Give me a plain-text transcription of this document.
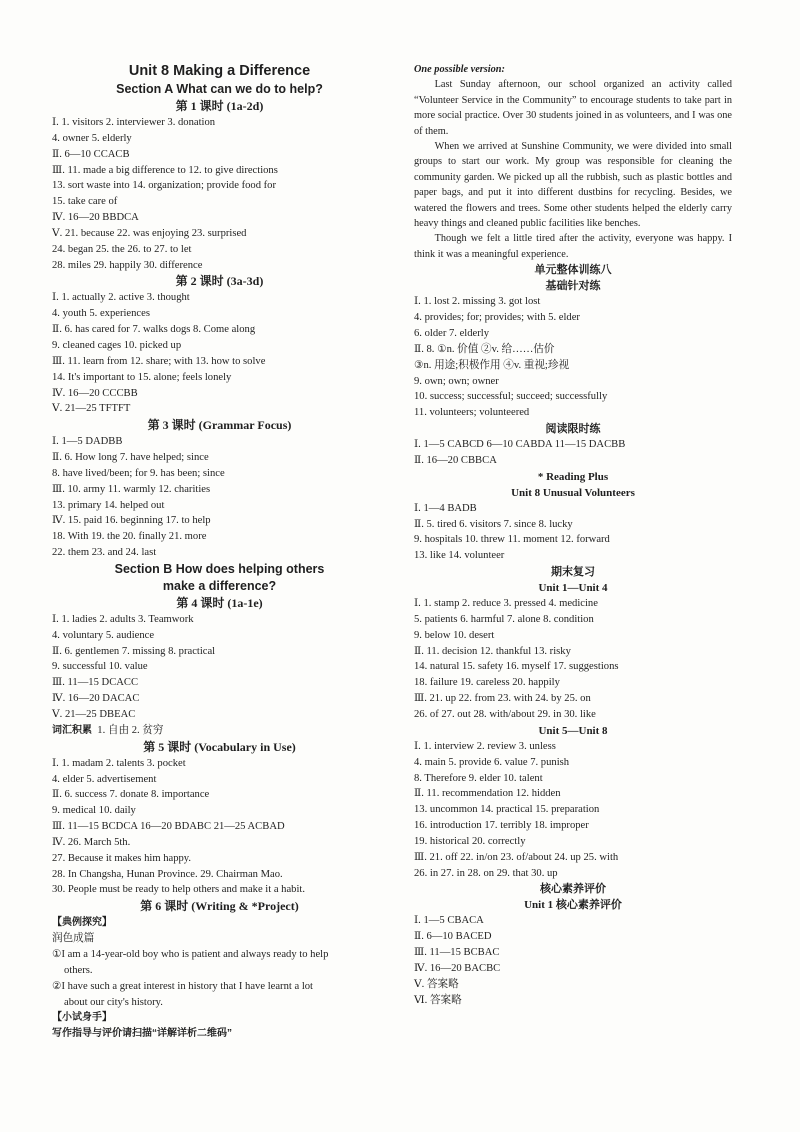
Unit 8 Making a Difference
Section A What can we do to help?
第 1 课时 (1a-2d)
Ⅰ. 1. visitors 2. interviewer 3. donation
4. owner 5. elderly
Ⅱ. 6—10 CCACB
Ⅲ. 11. made a big difference to 12. to give directions
13. sort waste into 14. organization; provide food for
15. take care of
Ⅳ. 16—20 BBDCA
Ⅴ. 21. because 22. was enjoying 23. surprised
24. began 25. the 26. to 27. to let
28. miles 29. happily 30. difference
第 2 课时 (3a-3d)
Ⅰ. 1. actually 2. active 3. thought
4. youth 5. experiences
Ⅱ. 6. has cared for 7. walks dogs 8. Come along
9. cleaned cages 10. picked up
Ⅲ. 11. learn from 12. share; with 13. how to solve
14. It's important to 15. alone; feels lonely
Ⅳ. 16—20 CCCBB
Ⅴ. 21—25 TFTFT
第 3 课时 (Grammar Focus)
Ⅰ. 1—5 DADBB
Ⅱ. 6. How long 7. have helped; since
8. have lived/been; for 9. has been; since
Ⅲ. 10. army 11. warmly 12. charities
13. primary 14. helped out
Ⅳ. 15. paid 16. beginning 17. to help
18. With 19. the 20. finally 21. more
22. them 23. and 24. last
Section B How does helping others
make a difference?
第 4 课时 (1a-1e)
Ⅰ. 1. ladies 2. adults 3. Teamwork
4. voluntary 5. audience
Ⅱ. 6. gentlemen 7. missing 8. practical
9. successful 10. value
Ⅲ. 11—15 DCACC
Ⅳ. 16—20 DACAC
Ⅴ. 21—25 DBEAC
词汇积累 1. 自由 2. 贫穷
第 5 课时 (Vocabulary in Use)
Ⅰ. 1. madam 2. talents 3. pocket
4. elder 5. advertisement
Ⅱ. 6. success 7. donate 8. importance
9. medical 10. daily
Ⅲ. 11—15 BCDCA 16—20 BDABC 21—25 ACBAD
Ⅳ. 26. March 5th.
27. Because it makes him happy.
28. In Changsha, Hunan Province. 29. Chairman Mao.
30. People must be ready to help others and make it a habit.
第 6 课时 (Writing & *Project)
【典例探究】
润色成篇
①I am a 14-year-old boy who is patient and always ready to help
others.
②I have such a great interest in history that I have learnt a lot
about our city's history.
【小试身手】
写作指导与评价请扫描“详解详析二维码”
One possible version:
Last Sunday afternoon, our school organized an activity called “Volunteer Service in the Community” to encourage students to take part in more social practice. Over 30 students joined in as volunteers, and I was one of them.
When we arrived at Sunshine Community, we were divided into small groups to start our work. My group was responsible for cleaning the community garden. We picked up all the rubbish, such as plastic bottles and paper bags, and put it into different dustbins for recycling. Besides, we watered the flowers and trees. Some other students helped the elderly carry heavy things and cleaned public facilities like benches.
Though we felt a little tired after the activity, everyone was happy. I think it was a meaningful experience.
单元整体训练八
基础针对练
Ⅰ. 1. lost 2. missing 3. got lost
4. provides; for; provides; with 5. elder
6. older 7. elderly
Ⅱ. 8. ①n. 价值 ②v. 给……估价
③n. 用途;积极作用 ④v. 重视;珍视
9. own; own; owner
10. success; successful; succeed; successfully
11. volunteers; volunteered
阅读限时练
Ⅰ. 1—5 CABCD 6—10 CABDA 11—15 DACBB
Ⅱ. 16—20 CBBCA
* Reading Plus
Unit 8 Unusual Volunteers
Ⅰ. 1—4 BADB
Ⅱ. 5. tired 6. visitors 7. since 8. lucky
9. hospitals 10. threw 11. moment 12. forward
13. like 14. volunteer
期末复习
Unit 1—Unit 4
Ⅰ. 1. stamp 2. reduce 3. pressed 4. medicine
5. patients 6. harmful 7. alone 8. condition
9. below 10. desert
Ⅱ. 11. decision 12. thankful 13. risky
14. natural 15. safety 16. myself 17. suggestions
18. failure 19. careless 20. happily
Ⅲ. 21. up 22. from 23. with 24. by 25. on
26. of 27. out 28. with/about 29. in 30. like
Unit 5—Unit 8
Ⅰ. 1. interview 2. review 3. unless
4. main 5. provide 6. value 7. punish
8. Therefore 9. elder 10. talent
Ⅱ. 11. recommendation 12. hidden
13. uncommon 14. practical 15. preparation
16. introduction 17. terribly 18. improper
19. historical 20. correctly
Ⅲ. 21. off 22. in/on 23. of/about 24. up 25. with
26. in 27. in 28. on 29. that 30. up
核心素养评价
Unit 1 核心素养评价
Ⅰ. 1—5 CBACA
Ⅱ. 6—10 BACED
Ⅲ. 11—15 BCBAC
Ⅳ. 16—20 BACBC
Ⅴ. 答案略
Ⅵ. 答案略
